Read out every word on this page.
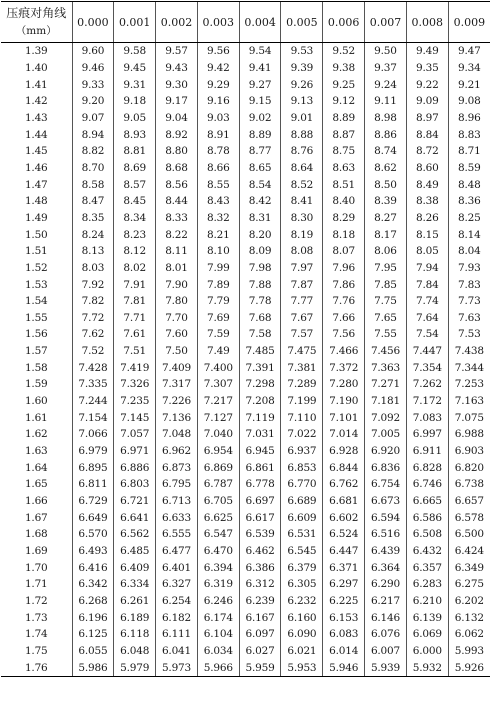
压痕对角线
（mm）	0.000	0.001	0.002	0.003	0.004	0.005	0.006	0.007	0.008	0.009
1.39	9.60	9.58	9.57	9.56	9.54	9.53	9.52	9.50	9.49	9.47
1.40	9.46	9.45	9.43	9.42	9.41	9.39	9.38	9.37	9.35	9.34
1.41	9.33	9.31	9.30	9.29	9.27	9.26	9.25	9.24	9.22	9.21
1.42	9.20	9.18	9.17	9.16	9.15	9.13	9.12	9.11	9.09	9.08
1.43	9.07	9.05	9.04	9.03	9.02	9.01	8.89	8.98	8.97	8.96
1.44	8.94	8.93	8.92	8.91	8.89	8.88	8.87	8.86	8.84	8.83
1.45	8.82	8.81	8.80	8.78	8.77	8.76	8.75	8.74	8.72	8.71
1.46	8.70	8.69	8.68	8.66	8.65	8.64	8.63	8.62	8.60	8.59
1.47	8.58	8.57	8.56	8.55	8.54	8.52	8.51	8.50	8.49	8.48
1.48	8.47	8.45	8.44	8.43	8.42	8.41	8.40	8.39	8.38	8.36
1.49	8.35	8.34	8.33	8.32	8.31	8.30	8.29	8.27	8.26	8.25
1.50	8.24	8.23	8.22	8.21	8.20	8.19	8.18	8.17	8.15	8.14
1.51	8.13	8.12	8.11	8.10	8.09	8.08	8.07	8.06	8.05	8.04
1.52	8.03	8.02	8.01	7.99	7.98	7.97	7.96	7.95	7.94	7.93
1.53	7.92	7.91	7.90	7.89	7.88	7.87	7.86	7.85	7.84	7.83
1.54	7.82	7.81	7.80	7.79	7.78	7.77	7.76	7.75	7.74	7.73
1.55	7.72	7.71	7.70	7.69	7.68	7.67	7.66	7.65	7.64	7.63
1.56	7.62	7.61	7.60	7.59	7.58	7.57	7.56	7.55	7.54	7.53
1.57	7.52	7.51	7.50	7.49	7.485	7.475	7.466	7.456	7.447	7.438
1.58	7.428	7.419	7.409	7.400	7.391	7.381	7.372	7.363	7.354	7.344
1.59	7.335	7.326	7.317	7.307	7.298	7.289	7.280	7.271	7.262	7.253
1.60	7.244	7.235	7.226	7.217	7.208	7.199	7.190	7.181	7.172	7.163
1.61	7.154	7.145	7.136	7.127	7.119	7.110	7.101	7.092	7.083	7.075
1.62	7.066	7.057	7.048	7.040	7.031	7.022	7.014	7.005	6.997	6.988
1.63	6.979	6.971	6.962	6.954	6.945	6.937	6.928	6.920	6.911	6.903
1.64	6.895	6.886	6.873	6.869	6.861	6.853	6.844	6.836	6.828	6.820
1.65	6.811	6.803	6.795	6.787	6.778	6.770	6.762	6.754	6.746	6.738
1.66	6.729	6.721	6.713	6.705	6.697	6.689	6.681	6.673	6.665	6.657
1.67	6.649	6.641	6.633	6.625	6.617	6.609	6.602	6.594	6.586	6.578
1.68	6.570	6.562	6.555	6.547	6.539	6.531	6.524	6.516	6.508	6.500
1.69	6.493	6.485	6.477	6.470	6.462	6.545	6.447	6.439	6.432	6.424
1.70	6.416	6.409	6.401	6.394	6.386	6.379	6.371	6.364	6.357	6.349
1.71	6.342	6.334	6.327	6.319	6.312	6.305	6.297	6.290	6.283	6.275
1.72	6.268	6.261	6.254	6.246	6.239	6.232	6.225	6.217	6.210	6.202
1.73	6.196	6.189	6.182	6.174	6.167	6.160	6.153	6.146	6.139	6.132
1.74	6.125	6.118	6.111	6.104	6.097	6.090	6.083	6.076	6.069	6.062
1.75	6.055	6.048	6.041	6.034	6.027	6.021	6.014	6.007	6.000	5.993
1.76	5.986	5.979	5.973	5.966	5.959	5.953	5.946	5.939	5.932	5.926
